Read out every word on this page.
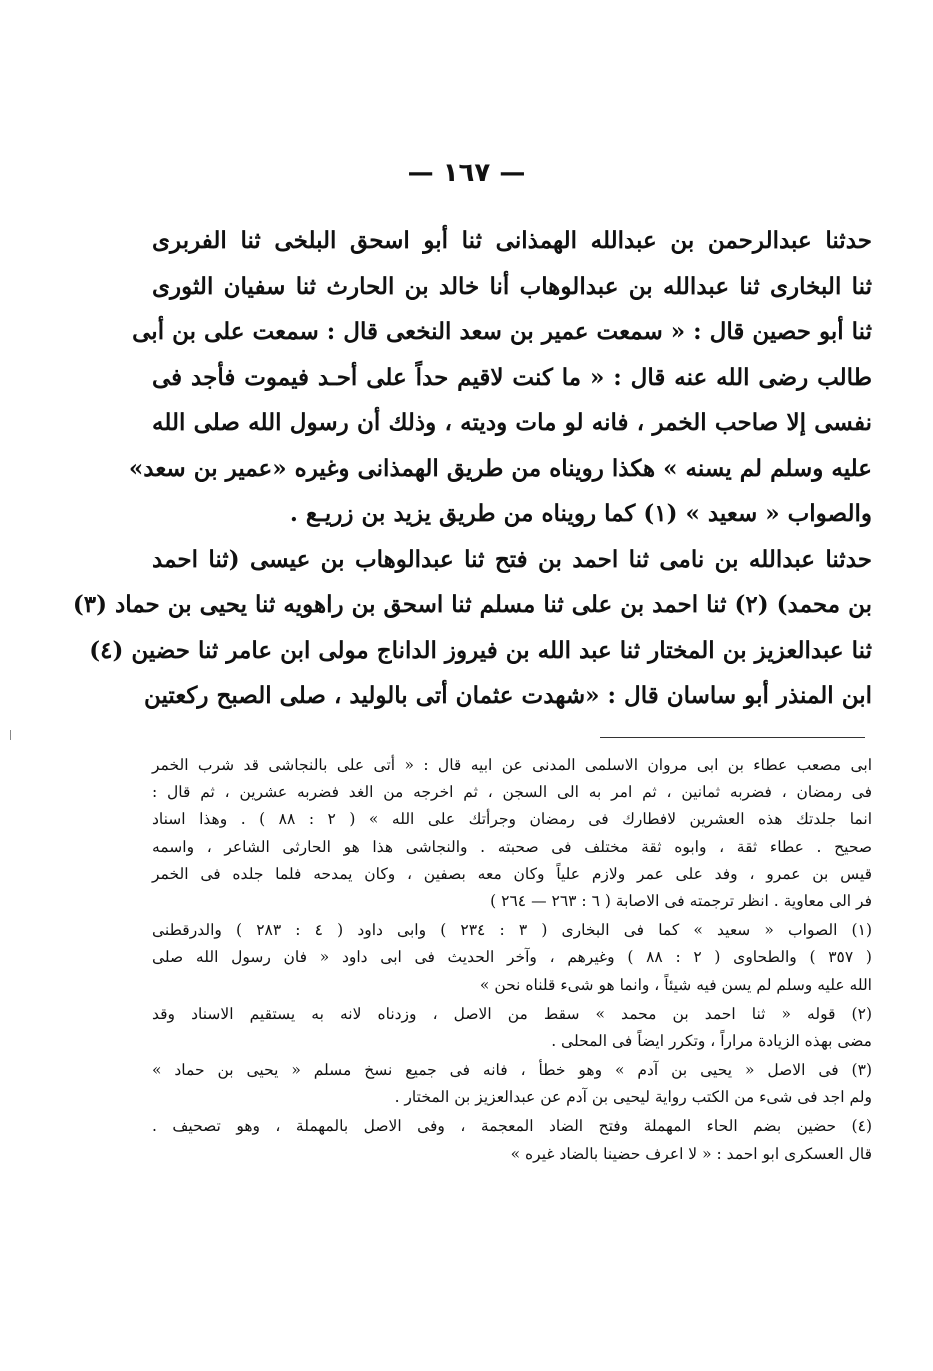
— ١٦٧ —
حدثنا عبدالرحمن بن عبدالله الهمذانى ثنا أبو اسحق البلخى ثنا الفربرى
ثنا البخارى ثنا عبدالله بن عبدالوهاب أنا خالد بن الحارث ثنا سفيان الثورى
ثنا أبو حصين قال : « سمعت عمير بن سعد النخعى قال : سمعت على بن أبى
طالب رضى الله عنه قال : « ما كنت لاقيم حداً على أحـد فيموت فأجد فى
نفسى إلا صاحب الخمر ، فانه لو مات وديته ، وذلك أن رسول الله صلى الله
عليه وسلم لم يسنه » هكذا رويناه من طريق الهمذانى وغيره «عمير بن سعد»
والصواب « سعيد » (١) كما رويناه من طريق يزيد بن زريـع .
حدثنا عبدالله بن نامى ثنا احمد بن فتح ثنا عبدالوهاب بن عيسى (ثنا احمد
بن محمد) (٢) ثنا احمد بن على ثنا مسلم ثنا اسحق بن راهويه ثنا يحيى بن حماد (٣)
ثنا عبدالعزيز بن المختار ثنا عبد الله بن فيروز الداناج مولى ابن عامر ثنا حضين (٤)
ابن المنذر أبو ساسان قال : «شهدت عثمان أتى بالوليد ، صلى الصبح ركعتين
ابى مصعب عطاء بن ابى مروان الاسلمى المدنى عن ابيه قال : « أتى على بالنجاشى قد شرب الخمر
فى رمضان ، فضربه ثمانين ، ثم امر به الى السجن ، ثم اخرجه من الغد فضربه عشرين ، ثم قال :
انما جلدتك هذه العشرين لافطارك فى رمضان وجرأتك على الله » ( ٢ : ٨٨ ) . وهذا اسناد
صحيح . عطاء ثقة ، وابوه ثقة مختلف فى صحبته . والنجاشى هذا هو الحارثى الشاعر ، واسمه
قيس بن عمرو ، وفد على عمر ولازم علياً وكان معه بصفين ، وكان يمدحه فلما جلده فى الخمر
فر الى معاوية . انظر ترجمته فى الاصابة ( ٦ : ٢٦٣ — ٢٦٤ )
(١) الصواب « سعيد » كما فى البخارى ( ٣ : ٢٣٤ ) وابى داود ( ٤ : ٢٨٣ ) والدرقطنى
( ٣٥٧ ) والطحاوى ( ٢ : ٨٨ ) وغيرهم ، وآخر الحديث فى ابى داود « فان رسول الله صلى
الله عليه وسلم لم يسن فيه شيئاً ، وانما هو شىء قلناه نحن »
(٢) قوله « ثنا احمد بن محمد » سقط من الاصل ، وزدناه لانه به يستقيم الاسناد وقد
مضى بهذه الزيادة مراراً ، وتكرر ايضاً فى المحلى .
(٣) فى الاصل « يحيى بن آدم » وهو خطأ ، فانه فى جميع نسخ مسلم « يحيى بن حماد »
ولم اجد فى شىء من الكتب رواية ليحيى بن آدم عن عبدالعزيز بن المختار .
(٤) حضين بضم الحاء المهملة وفتح الضاد المعجمة ، وفى الاصل بالمهملة ، وهو تصحيف .
قال العسكرى ابو احمد : « لا اعرف حضينا بالضاد غيره »
